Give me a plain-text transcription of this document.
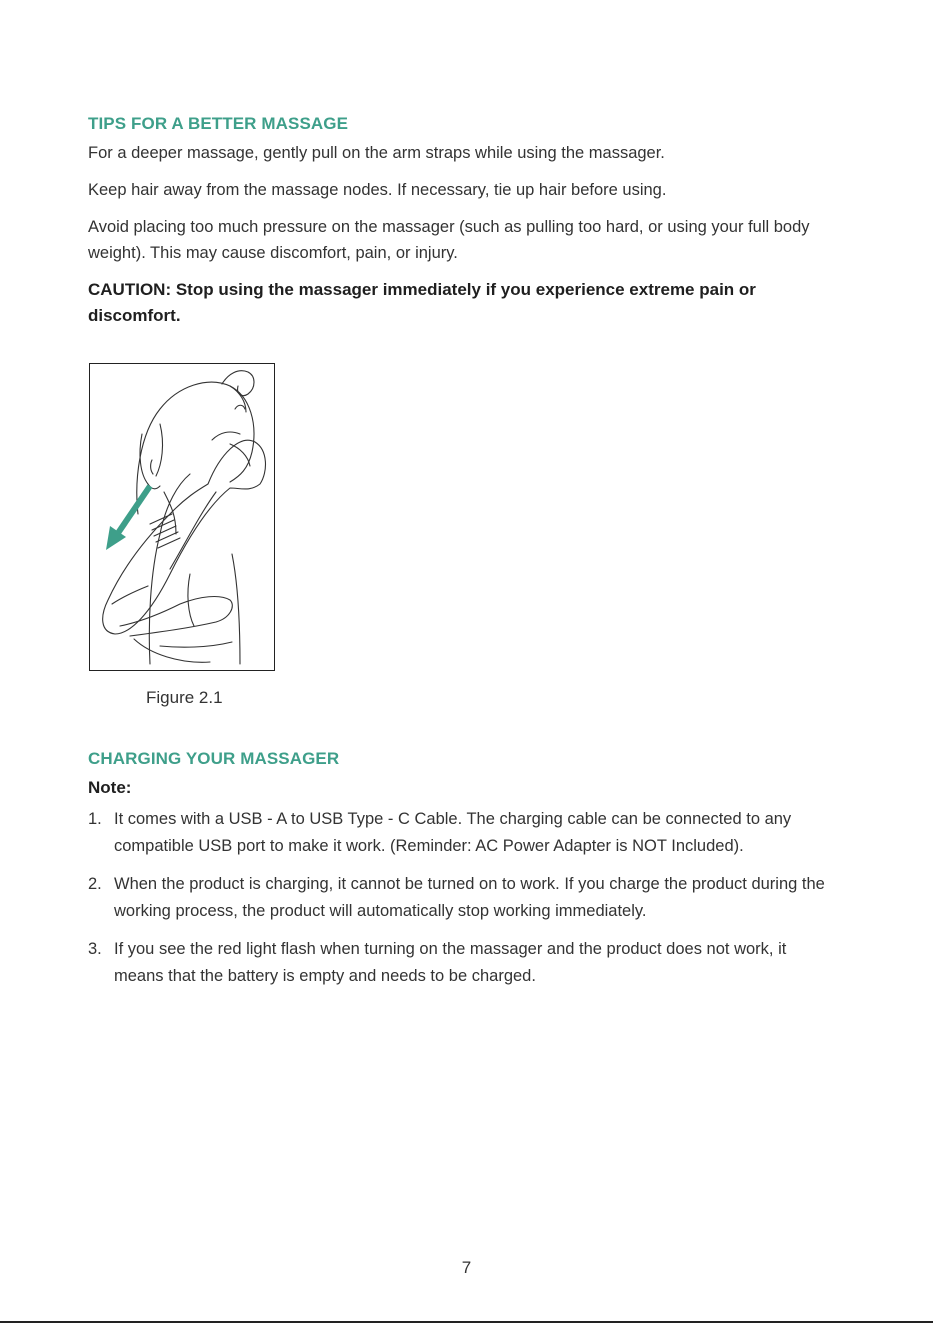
TIPS FOR A BETTER MASSAGE

For a deeper massage, gently pull on the arm straps while using the massager.

Keep hair away from the massage nodes. If necessary, tie up hair before using.

Avoid placing too much pressure on the massager (such as pulling too hard, or using your full body weight). This may cause discomfort, pain, or injury.

CAUTION: Stop using the massager immediately if you experience extreme pain or discomfort.

Figure 2.1
CHARGING YOUR MASSAGER

Note:

1. It comes with a USB - A to USB Type - C Cable. The charging cable can be connected to any compatible USB port to make it work. (Reminder: AC Power Adapter is NOT Included).
2. When the product is charging, it cannot be turned on to work. If you charge the product during the working process, the product will automatically stop working immediately.
3. If you see the red light flash when turning on the massager and the product does not work, it means that the battery is empty and needs to be charged.
7
